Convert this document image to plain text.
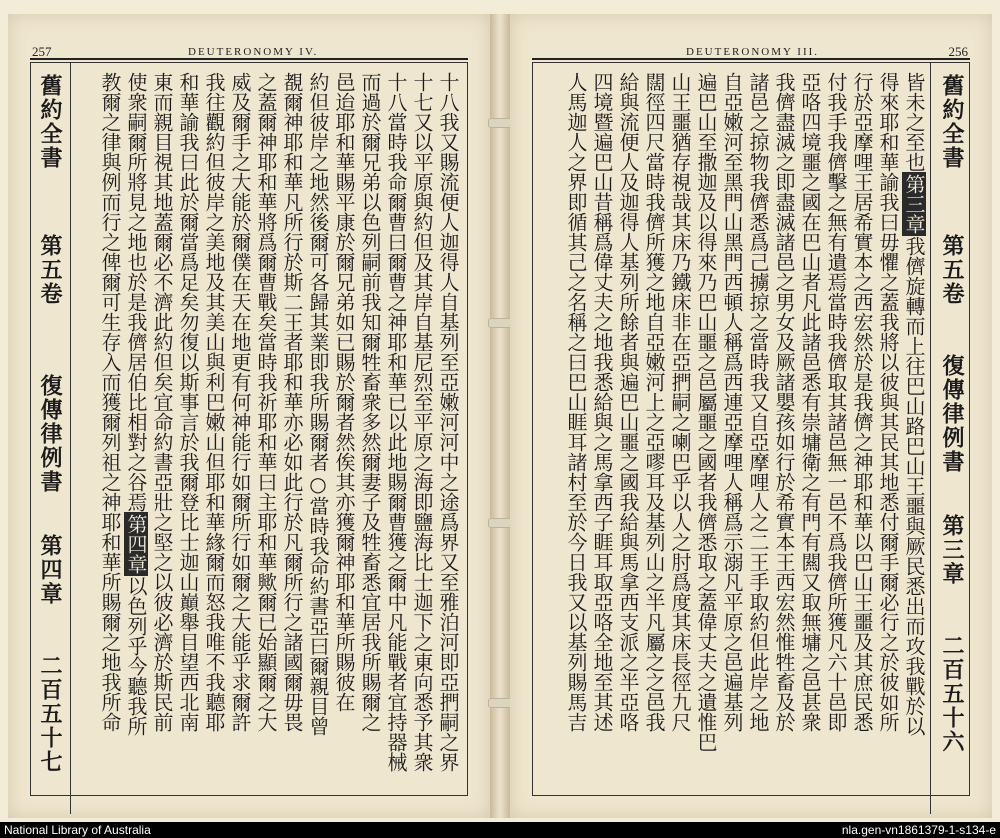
257	DEUTERONOMY IV.
舊約全書
第五卷
復傳律例書
第四章
二百五十七	十八我又賜流便人迦得人自基列至亞嫩河河中之途爲界又至雅泊河即亞捫嗣之界
十七又以平原與約但及其岸自基尼烈至平原之海即鹽海比士迦下之東向悉予其衆
十八當時我命爾曹曰爾曹之神耶和華已以此地賜爾曹獲之爾中凡能戰者宜持器械
而過於爾兄弟以色列嗣前我知爾牲畜衆多然爾妻子及牲畜悉宜居我所賜爾之
邑迨耶和華賜平康於爾兄弟如已賜於爾者然俟其亦獲爾神耶和華所賜彼在
約但彼岸之地然後爾可各歸其業即我所賜爾者○當時我命約書亞曰爾親目曾
覩爾神耶和華凡所行於斯二王者耶和華亦必如此行於凡爾所行之諸國爾毋畏
之蓋爾神耶和華將爲爾曹戰矣當時我祈耶和華曰主耶和華歟爾已始顯爾之大
威及爾手之大能於爾僕在天在地更有何神能行如爾所行如爾之大能乎求爾許
我往觀約但彼岸之美地及其美山與利巴嫩山但耶和華緣爾而怒我唯不我聽耶
和華諭我曰此於爾當爲足矣勿復以斯事言於我爾登比士迦山巔舉目望西北南
東而親目視其地蓋爾必不濟此約但矣宜命約書亞壯之堅之以彼必濟於斯民前
使衆嗣爾所將見之地也於是我儕居伯比相對之谷焉第四章以色列乎今聽我所
教爾之律與例而行之俾爾可生存入而獲爾列祖之神耶和華所賜爾之地我所命
DEUTERONOMY III.	256
舊約全書
第五卷
復傳律例書
第三章
二百五十六
皆未之至也第三章我儕旋轉而上往巴山路巴山王噩與厥民悉出而攻我戰於以
得來耶和華諭我曰毋懼之蓋我將以彼與其民其地悉付爾手爾必行之於彼如所
行於亞摩哩王居希實本之西宏然於是我儕之神耶和華以巴山王噩及其庶民悉
付我手我儕擊之無有遺焉當時我儕取其諸邑無一邑不爲我儕所獲凡六十邑即
亞咯四境噩之國在巴山者凡此諸邑悉有崇墉衛之有門有闗又取無墉之邑甚衆
我儕盡滅之即盡滅諸邑之男女及厥諸嬰孩如行於希實本王西宏然惟牲畜及於
諸邑之掠物我儕悉爲己擄掠之當時我又自亞摩哩人之二王手取約但此岸之地
自亞嫩河至黑門山黑門西頓人稱爲西連亞摩哩人稱爲示溺凡平原之邑遍基列
遍巴山至撒迦及以得來乃巴山噩之邑屬噩之國者我儕悉取之蓋偉丈夫之遺惟巴
山王噩猶存視哉其床乃鐵床非在亞捫嗣之喇巴乎以人之肘爲度其床長徑九尺
闊徑四尺當時我儕所獲之地自亞嫩河上之亞嘐耳及基列山之半凡屬之之邑我
給與流便人及迦得人基列所餘者與遍巴山噩之國我給與馬拿西支派之半亞咯
四境暨遍巴山昔稱爲偉丈夫之地我悉給與之馬拿西子睚耳取亞咯全地至其述
人馬迦人之界即循其己之名稱之曰巴山睚耳諸村至於今日我又以基列賜馬吉
National Library of Australia	nla.gen-vn1861379-1-s134-e
